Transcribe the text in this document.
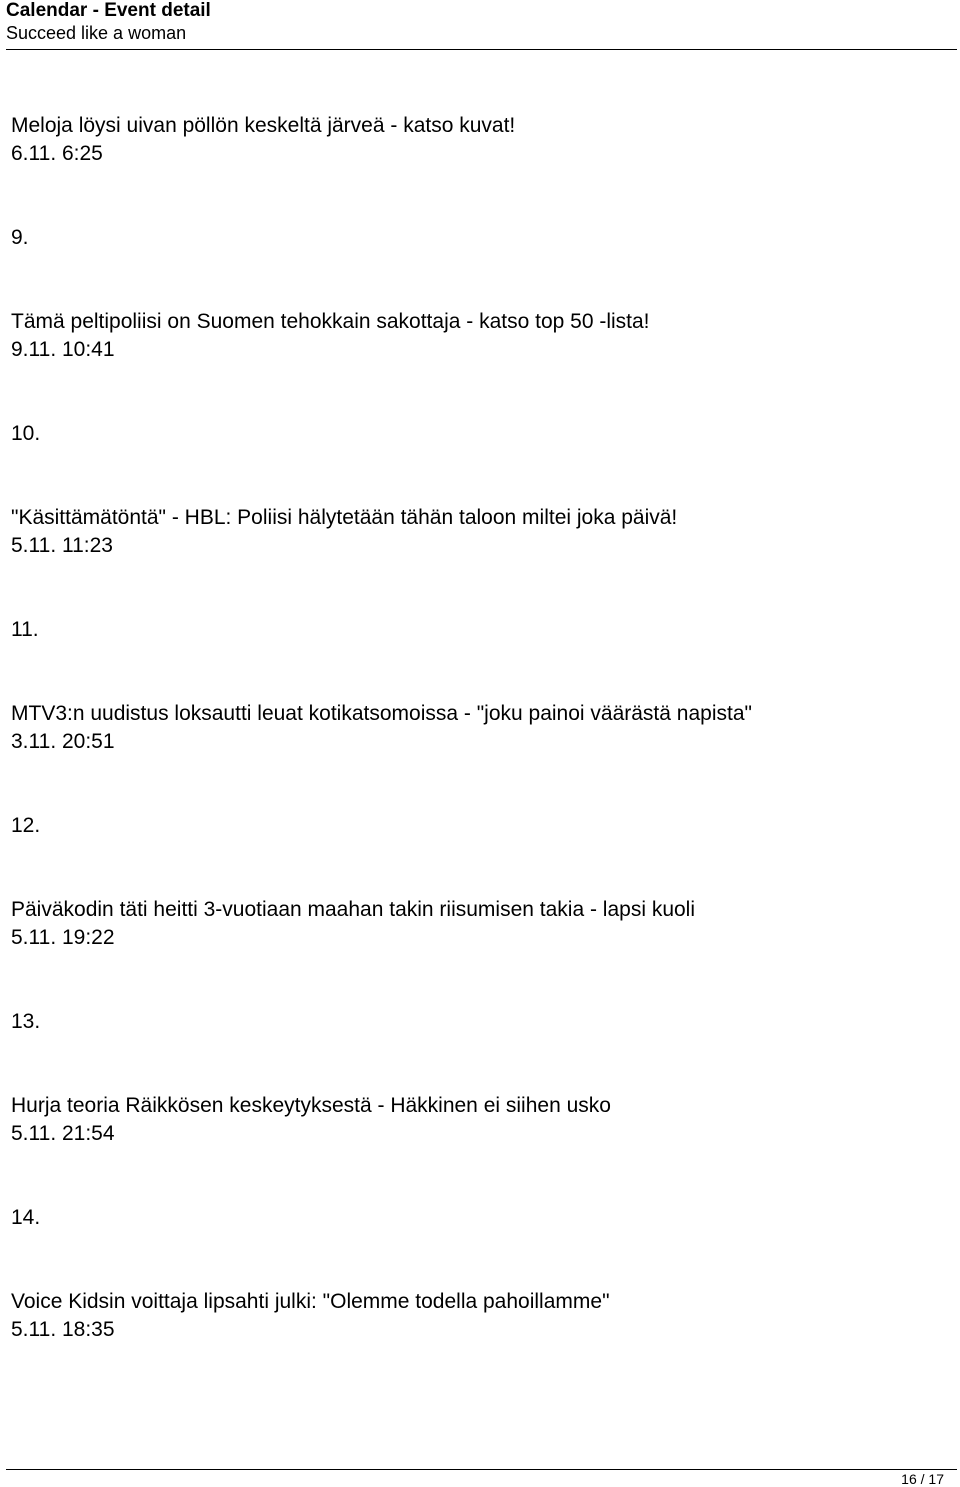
Calendar - Event detail
Succeed like a woman
Meloja löysi uivan pöllön keskeltä järveä - katso kuvat!
6.11. 6:25
9.
Tämä peltipoliisi on Suomen tehokkain sakottaja - katso top 50 -lista!
9.11. 10:41
10.
"Käsittämätöntä" - HBL: Poliisi hälytetään tähän taloon miltei joka päivä!
5.11. 11:23
11.
MTV3:n uudistus loksautti leuat kotikatsomoissa - "joku painoi väärästä napista"
3.11. 20:51
12.
Päiväkodin täti heitti 3-vuotiaan maahan takin riisumisen takia - lapsi kuoli
5.11. 19:22
13.
Hurja teoria Räikkösen keskeytyksestä - Häkkinen ei siihen usko
5.11. 21:54
14.
Voice Kidsin voittaja lipsahti julki: "Olemme todella pahoillamme"
5.11. 18:35
16 / 17
